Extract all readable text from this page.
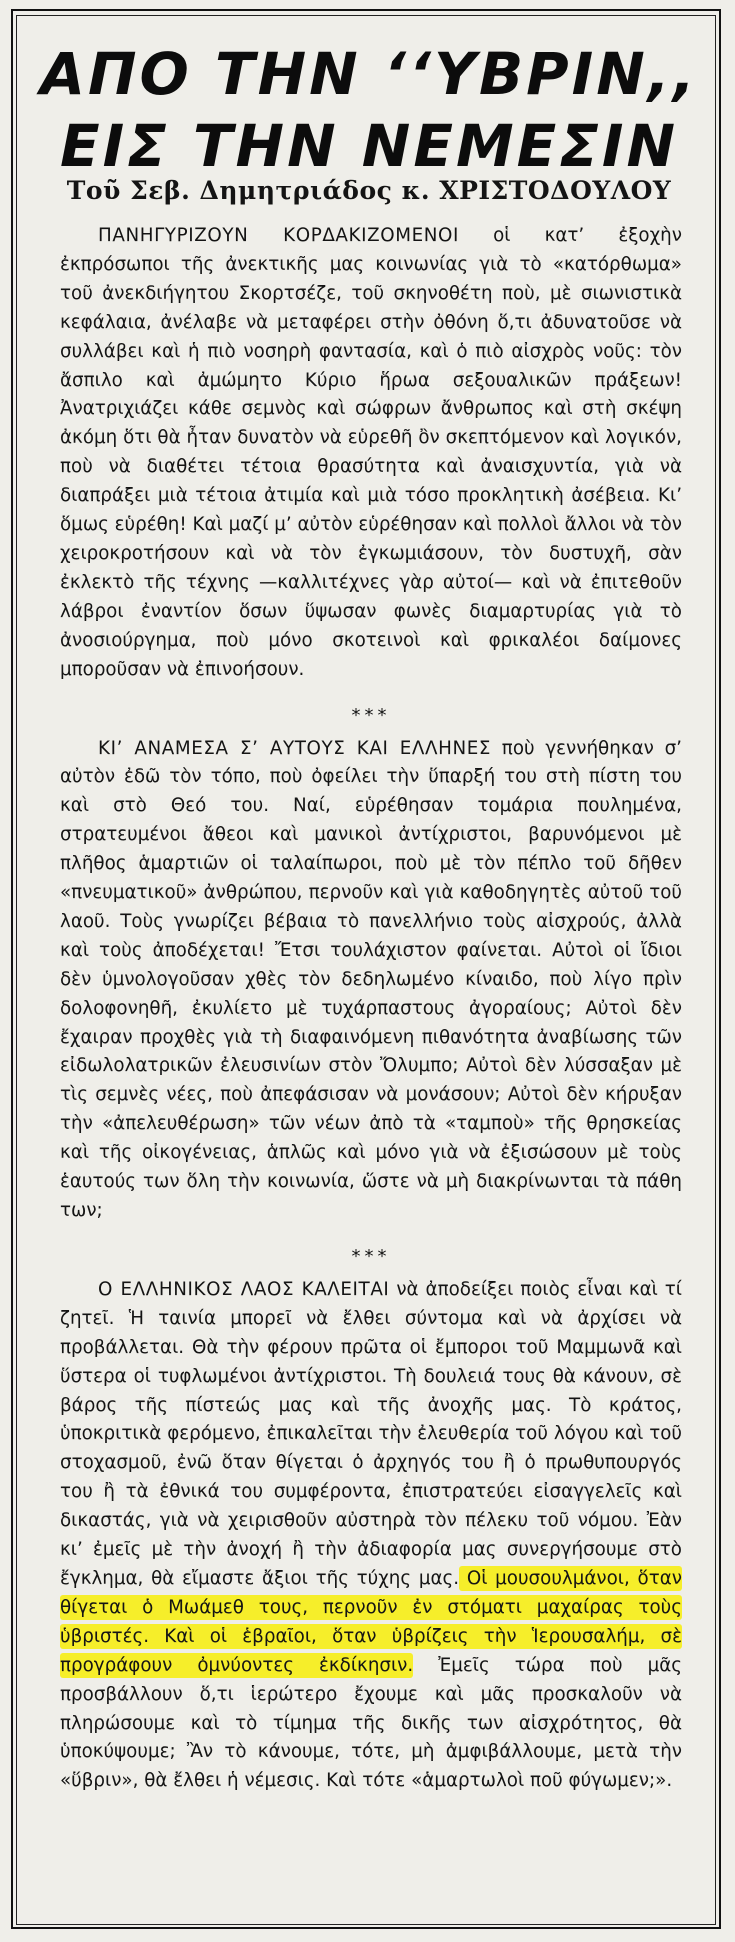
ΑΠΟ ΤΗΝ ‘‘ΥΒΡΙΝ,,
ΕΙΣ ΤΗΝ ΝΕΜΕΣΙΝ
Τοῦ Σεβ. Δημητριάδος κ. ΧΡΙΣΤΟΔΟΥΛΟΥ

ΠΑΝΗΓΥΡΙΖΟΥΝ ΚΟΡΔΑΚΙΖΟΜΕΝΟΙ οἱ κατ’ ἐξοχὴν ἐκπρόσωποι τῆς ἀνεκτικῆς μας κοινωνίας γιὰ τὸ «κατόρθωμα» τοῦ ἀνεκδιήγητου Σκορτσέζε, τοῦ σκηνοθέτη ποὺ, μὲ σιωνιστικὰ κεφάλαια, ἀνέλαβε νὰ μεταφέρει στὴν ὀθόνη ὅ,τι ἀδυνατοῦσε νὰ συλλάβει καὶ ἡ πιὸ νοσηρὴ φαντασία, καὶ ὁ πιὸ αἰσχρὸς νοῦς: τὸν ἄσπιλο καὶ ἀμώμητο Κύριο ἥρωα σεξουαλικῶν πράξεων! Ἀνατριχιάζει κάθε σεμνὸς καὶ σώφρων ἄνθρωπος καὶ στὴ σκέψη ἀκόμη ὅτι θὰ ἦταν δυνατὸν νὰ εὑρεθῆ ὂν σκεπτόμενον καὶ λογικόν, ποὺ νὰ διαθέτει τέτοια θρασύτητα καὶ ἀναισχυντία, γιὰ νὰ διαπράξει μιὰ τέτοια ἀτιμία καὶ μιὰ τόσο προκλητικὴ ἀσέβεια. Κι’ ὅμως εὑρέθη! Καὶ μαζί μ’ αὐτὸν εὑρέθησαν καὶ πολλοὶ ἄλλοι νὰ τὸν χειροκροτήσουν καὶ νὰ τὸν ἐγκωμιάσουν, τὸν δυστυχῆ, σὰν ἐκλεκτὸ τῆς τέχνης —καλλιτέχνες γὰρ αὐτοί— καὶ νὰ ἐπιτεθοῦν λάβροι ἐναντίον ὅσων ὕψωσαν φωνὲς διαμαρτυρίας γιὰ τὸ ἀνοσιούργημα, ποὺ μόνο σκοτεινοὶ καὶ φρικαλέοι δαίμονες μποροῦσαν νὰ ἐπινοήσουν.

***

ΚΙ’ ΑΝΑΜΕΣΑ Σ’ ΑΥΤΟΥΣ ΚΑΙ ΕΛΛΗΝΕΣ ποὺ γεννήθηκαν σ’ αὐτὸν ἐδῶ τὸν τόπο, ποὺ ὀφείλει τὴν ὕπαρξή του στὴ πίστη του καὶ στὸ Θεό του. Ναί, εὑρέθησαν τομάρια πουλημένα, στρατευμένοι ἄθεοι καὶ μανικοὶ ἀντίχριστοι, βαρυνόμενοι μὲ πλῆθος ἁμαρτιῶν οἱ ταλαίπωροι, ποὺ μὲ τὸν πέπλο τοῦ δῆθεν «πνευματικοῦ» ἀνθρώπου, περνοῦν καὶ γιὰ καθοδηγητὲς αὐτοῦ τοῦ λαοῦ. Τοὺς γνωρίζει βέβαια τὸ πανελλήνιο τοὺς αἰσχρούς, ἀλλὰ καὶ τοὺς ἀποδέχεται! Ἔτσι τουλάχιστον φαίνεται. Αὐτοὶ οἱ ἴδιοι δὲν ὑμνολογοῦσαν χθὲς τὸν δεδηλωμένο κίναιδο, ποὺ λίγο πρὶν δολοφονηθῆ, ἐκυλίετο μὲ τυχάρπαστους ἀγοραίους; Αὐτοὶ δὲν ἔχαιραν προχθὲς γιὰ τὴ διαφαινόμενη πιθανότητα ἀναβίωσης τῶν εἰδωλολατρικῶν ἐλευσινίων στὸν Ὄλυμπο; Αὐτοὶ δὲν λύσσαξαν μὲ τὶς σεμνὲς νέες, ποὺ ἀπεφάσισαν νὰ μονάσουν; Αὐτοὶ δὲν κήρυξαν τὴν «ἀπελευθέρωση» τῶν νέων ἀπὸ τὰ «ταμποὺ» τῆς θρησκείας καὶ τῆς οἰκογένειας, ἁπλῶς καὶ μόνο γιὰ νὰ ἐξισώσουν μὲ τοὺς ἑαυτούς των ὅλη τὴν κοινωνία, ὥστε νὰ μὴ διακρίνωνται τὰ πάθη των;

***

Ο ΕΛΛΗΝΙΚΟΣ ΛΑΟΣ ΚΑΛΕΙΤΑΙ νὰ ἀποδείξει ποιὸς εἶναι καὶ τί ζητεῖ. Ἡ ταινία μπορεῖ νὰ ἔλθει σύντομα καὶ νὰ ἀρχίσει νὰ προβάλλεται. Θὰ τὴν φέρουν πρῶτα οἱ ἔμποροι τοῦ Μαμμωνᾶ καὶ ὕστερα οἱ τυφλωμένοι ἀντίχριστοι. Τὴ δουλειά τους θὰ κάνουν, σὲ βάρος τῆς πίστεώς μας καὶ τῆς ἀνοχῆς μας. Τὸ κράτος, ὑποκριτικὰ φερόμενο, ἐπικαλεῖται τὴν ἐλευθερία τοῦ λόγου καὶ τοῦ στοχασμοῦ, ἐνῶ ὅταν θίγεται ὁ ἀρχηγός του ἢ ὁ πρωθυπουργός του ἢ τὰ ἐθνικά του συμφέροντα, ἐπιστρατεύει εἰσαγγελεῖς καὶ δικαστάς, γιὰ νὰ χειρισθοῦν αὐστηρὰ τὸν πέλεκυ τοῦ νόμου. Ἐὰν κι’ ἐμεῖς μὲ τὴν ἀνοχή ἢ τὴν ἀδιαφορία μας συνεργήσουμε στὸ ἔγκλημα, θὰ εἴμαστε ἄξιοι τῆς τύχης μας. Οἱ μουσουλμάνοι, ὅταν θίγεται ὁ Μωάμεθ τους, περνοῦν ἐν στόματι μαχαίρας τοὺς ὑβριστές. Καὶ οἱ ἑβραῖοι, ὅταν ὑβρίζεις τὴν Ἱερουσαλήμ, σὲ προγράφουν ὀμνύοντες ἐκδίκησιν. Ἐμεῖς τώρα ποὺ μᾶς προσβάλλουν ὅ,τι ἱερώτερο ἔχουμε καὶ μᾶς προσκαλοῦν νὰ πληρώσουμε καὶ τὸ τίμημα τῆς δικῆς των αἰσχρότητος, θὰ ὑποκύψουμε; Ἂν τὸ κάνουμε, τότε, μὴ ἀμφιβάλλουμε, μετὰ τὴν «ὕβριν», θὰ ἔλθει ἡ νέμεσις. Καὶ τότε «ἁμαρτωλοὶ ποῦ φύγωμεν;».
